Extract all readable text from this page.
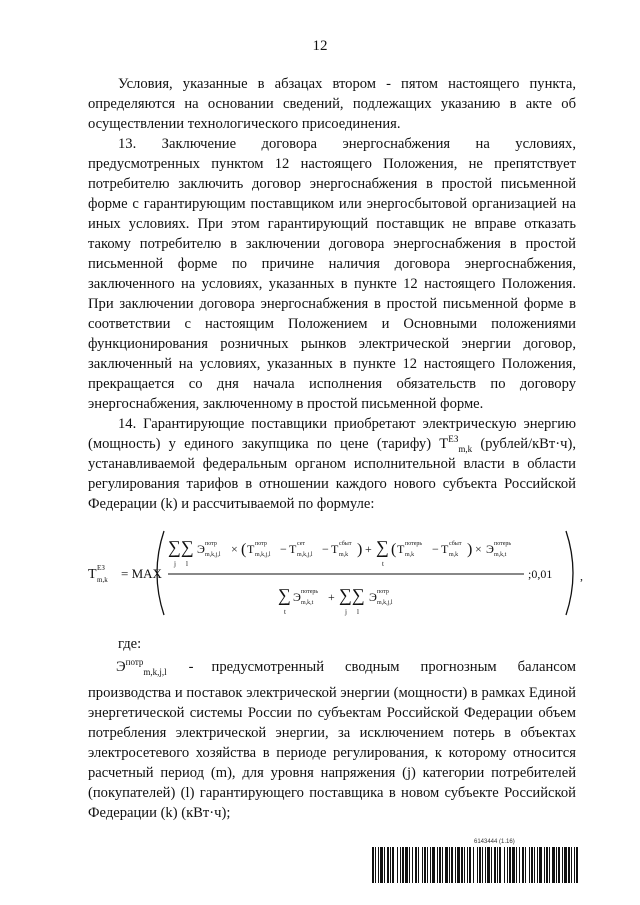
12

Условия, указанные в абзацах втором - пятом настоящего пункта, определяются на основании сведений, подлежащих указанию в акте об осуществлении технологического присоединения.

13. Заключение договора энергоснабжения на условиях, предусмотренных пунктом 12 настоящего Положения, не препятствует потребителю заключить договор энергоснабжения в простой письменной форме с гарантирующим поставщиком или энергосбытовой организацией на иных условиях. При этом гарантирующий поставщик не вправе отказать такому потребителю в заключении договора энергоснабжения в простой письменной форме по причине наличия договора энергоснабжения, заключенного на условиях, указанных в пункте 12 настоящего Положения. При заключении договора энергоснабжения в простой письменной форме в соответствии с настоящим Положением и Основными положениями функционирования розничных рынков электрической энергии договор, заключенный на условиях, указанных в пункте 12 настоящего Положения, прекращается со дня начала исполнения обязательств по договору энергоснабжения, заключенному в простой письменной форме.

14. Гарантирующие поставщики приобретают электрическую энергию (мощность) у единого закупщика по цене (тарифу) $Т^{ЕЗ}_{m,k}$ (рублей/кВт·ч), устанавливаемой федеральным органом исполнительной власти в области регулирования тарифов в отношении каждого нового субъекта Российской Федерации (k) и рассчитываемой по формуле:

Т ЕЗ
m,k = MAX
∑∑
j l
Э потр
m,k,j,l × ( Т потр
m,k,j,l − Т сет
m,k,j,l − Т сбыт
m,k ) + ∑
t
( Т потерь
m,k − Т сбыт
m,k ) × Э потерь
m,k,t
∑
t
Э потерь
m,k,t + ∑∑
j l
Э потр
m,k,j,l
;0,01 ,
где:
$Э^{потр}_{m,k,j,l}$ - предусмотренный сводным прогнозным балансом

производства и поставок электрической энергии (мощности) в рамках Единой энергетической системы России по субъектам Российской Федерации объем потребления электрической энергии, за исключением потерь в объектах электросетевого хозяйства в периоде регулирования, к которому относится расчетный период (m), для уровня напряжения (j) категории потребителей (покупателей) (l) гарантирующего поставщика в новом субъекте Российской Федерации (k) (кВт·ч);

6143444 (1.16)
